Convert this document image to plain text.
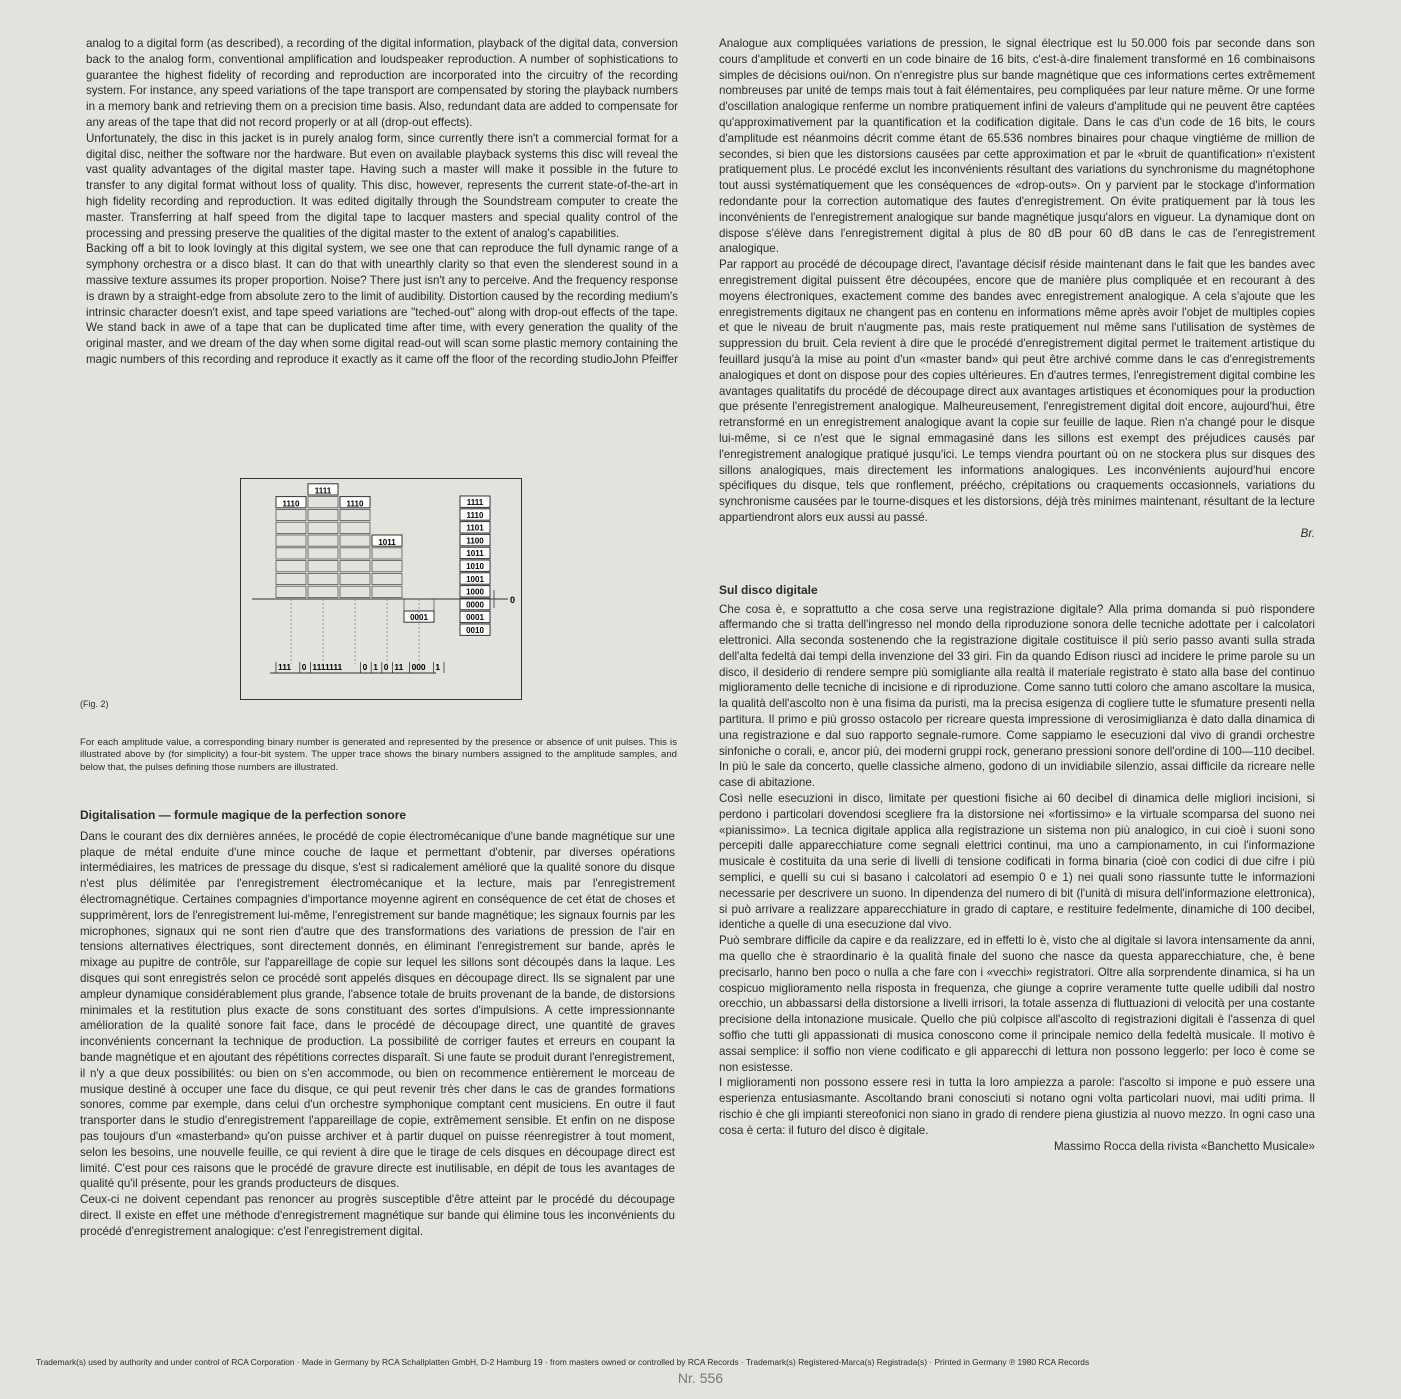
analog to a digital form (as described), a recording of the digital information, playback of the digital data, conversion back to the analog form, conventional amplification and loudspeaker reproduction. A number of sophistications to guarantee the highest fidelity of recording and reproduction are incorporated into the circuitry of the recording system. For instance, any speed variations of the tape transport are compensated by storing the playback numbers in a memory bank and retrieving them on a precision time basis. Also, redundant data are added to compensate for any areas of the tape that did not record properly or at all (drop-out effects).

Unfortunately, the disc in this jacket is in purely analog form, since currently there isn't a commercial format for a digital disc, neither the software nor the hardware. But even on available playback systems this disc will reveal the vast quality advantages of the digital master tape. Having such a master will make it possible in the future to transfer to any digital format without loss of quality. This disc, however, represents the current state-of-the-art in high fidelity recording and reproduction. It was edited digitally through the Soundstream computer to create the master. Transferring at half speed from the digital tape to lacquer masters and special quality control of the processing and pressing preserve the qualities of the digital master to the extent of analog's capabilities.

Backing off a bit to look lovingly at this digital system, we see one that can reproduce the full dynamic range of a symphony orchestra or a disco blast. It can do that with unearthly clarity so that even the slenderest sound in a massive texture assumes its proper proportion. Noise? There just isn't any to perceive. And the frequency response is drawn by a straight-edge from absolute zero to the limit of audibility. Distortion caused by the recording medium's intrinsic character doesn't exist, and tape speed variations are "teched-out" along with drop-out effects of the tape. We stand back in awe of a tape that can be duplicated time after time, with every generation the quality of the original master, and we dream of the day when some digital read-out will scan some plastic memory containing the magic numbers of this recording and reproduce it exactly as it came off the floor of the recording studio.

John Pfeiffer

1110
1111
1110
1011
0001
1111
1110
1101
1100
1011
1010
1001
1000
0000
0001
0010
111 0 1111111 0 1 0 11 000 1
0
(Fig. 2)
For each amplitude value, a corresponding binary number is generated and represented by the presence or absence of unit pulses. This is illustrated above by (for simplicity) a four-bit system. The upper trace shows the binary numbers assigned to the amplitude samples, and below that, the pulses defining those numbers are illustrated.
Digitalisation — formule magique de la perfection sonore

Dans le courant des dix dernières années, le procédé de copie électromécanique d'une bande magnétique sur une plaque de métal enduite d'une mince couche de laque et permettant d'obtenir, par diverses opérations intermédiaires, les matrices de pressage du disque, s'est si radicalement amélioré que la qualité sonore du disque n'est plus délimitée par l'enregistrement électromécanique et la lecture, mais par l'enregistrement électromagnétique. Certaines compagnies d'importance moyenne agirent en conséquence de cet état de choses et supprimèrent, lors de l'enregistrement lui-même, l'enregistrement sur bande magnétique; les signaux fournis par les microphones, signaux qui ne sont rien d'autre que des transformations des variations de pression de l'air en tensions alternatives électriques, sont directement donnés, en éliminant l'enregistrement sur bande, après le mixage au pupitre de contrôle, sur l'appareillage de copie sur lequel les sillons sont découpés dans la laque. Les disques qui sont enregistrés selon ce procédé sont appelés disques en découpage direct. Ils se signalent par une ampleur dynamique considérablement plus grande, l'absence totale de bruits provenant de la bande, de distorsions minimales et la restitution plus exacte de sons constituant des sortes d'impulsions. A cette impressionnante amélioration de la qualité sonore fait face, dans le procédé de découpage direct, une quantité de graves inconvénients concernant la technique de production. La possibilité de corriger fautes et erreurs en coupant la bande magnétique et en ajoutant des répétitions correctes disparaît. Si une faute se produit durant l'enregistrement, il n'y a que deux possibilités: ou bien on s'en accommode, ou bien on recommence entièrement le morceau de musique destiné à occuper une face du disque, ce qui peut revenir très cher dans le cas de grandes formations sonores, comme par exemple, dans celui d'un orchestre symphonique comptant cent musiciens. En outre il faut transporter dans le studio d'enregistrement l'appareillage de copie, extrêmement sensible. Et enfin on ne dispose pas toujours d'un «masterband» qu'on puisse archiver et à partir duquel on puisse réenregistrer à tout moment, selon les besoins, une nouvelle feuille, ce qui revient à dire que le tirage de cels disques en découpage direct est limité. C'est pour ces raisons que le procédé de gravure directe est inutilisable, en dépit de tous les avantages de qualité qu'il présente, pour les grands producteurs de disques.

Ceux-ci ne doivent cependant pas renoncer au progrès susceptible d'être atteint par le procédé du découpage direct. Il existe en effet une méthode d'enregistrement magnétique sur bande qui élimine tous les inconvénients du procédé d'enregistrement analogique: c'est l'enregistrement digital.

Analogue aux compliquées variations de pression, le signal électrique est lu 50.000 fois par seconde dans son cours d'amplitude et converti en un code binaire de 16 bits, c'est-à-dire finalement transformé en 16 combinaisons simples de décisions oui/non. On n'enregistre plus sur bande magnétique que ces informations certes extrêmement nombreuses par unité de temps mais tout à fait élémentaires, peu compliquées par leur nature même. Or une forme d'oscillation analogique renferme un nombre pratiquement infini de valeurs d'amplitude qui ne peuvent être captées qu'approximativement par la quantification et la codification digitale. Dans le cas d'un code de 16 bits, le cours d'amplitude est néanmoins décrit comme étant de 65.536 nombres binaires pour chaque vingtième de million de secondes, si bien que les distorsions causées par cette approximation et par le «bruit de quantification» n'existent pratiquement plus. Le procédé exclut les inconvénients résultant des variations du synchronisme du magnétophone tout aussi systématiquement que les conséquences de «drop-outs». On y parvient par le stockage d'information redondante pour la correction automatique des fautes d'enregistrement. On évite pratiquement par là tous les inconvénients de l'enregistrement analogique sur bande magnétique jusqu'alors en vigueur. La dynamique dont on dispose s'élève dans l'enregistrement digital à plus de 80 dB pour 60 dB dans le cas de l'enregistrement analogique.

Par rapport au procédé de découpage direct, l'avantage décisif réside maintenant dans le fait que les bandes avec enregistrement digital puissent être découpées, encore que de manière plus compliquée et en recourant à des moyens électroniques, exactement comme des bandes avec enregistrement analogique. A cela s'ajoute que les enregistrements digitaux ne changent pas en contenu en informations même après avoir l'objet de multiples copies et que le niveau de bruit n'augmente pas, mais reste pratiquement nul même sans l'utilisation de systèmes de suppression du bruit. Cela revient à dire que le procédé d'enregistrement digital permet le traitement artistique du feuillard jusqu'à la mise au point d'un «master band» qui peut être archivé comme dans le cas d'enregistrements analogiques et dont on dispose pour des copies ultérieures. En d'autres termes, l'enregistrement digital combine les avantages qualitatifs du procédé de découpage direct aux avantages artistiques et économiques pour la production que présente l'enregistrement analogique. Malheureusement, l'enregistrement digital doit encore, aujourd'hui, être retransformé en un enregistrement analogique avant la copie sur feuille de laque. Rien n'a changé pour le disque lui-même, si ce n'est que le signal emmagasiné dans les sillons est exempt des préjudices causés par l'enregistrement analogique pratiqué jusqu'ici. Le temps viendra pourtant où on ne stockera plus sur disques des sillons analogiques, mais directement les informations analogiques. Les inconvénients aujourd'hui encore spécifiques du disque, tels que ronflement, préécho, crépitations ou craquements occasionnels, variations du synchronisme causées par le tourne-disques et les distorsions, déjà très minimes maintenant, résultant de la lecture appartiendront alors eux aussi au passé.

Br.

Sul disco digitale

Che cosa è, e soprattutto a che cosa serve una registrazione digitale? Alla prima domanda si può rispondere affermando che si tratta dell'ingresso nel mondo della riproduzione sonora delle tecniche adottate per i calcolatori elettronici. Alla seconda sostenendo che la registrazione digitale costituisce il più serio passo avanti sulla strada dell'alta fedeltà dai tempi della invenzione del 33 giri. Fin da quando Edison riuscì ad incidere le prime parole su un disco, il desiderio di rendere sempre più somigliante alla realtà il materiale registrato è stato alla base del continuo miglioramento delle tecniche di incisione e di riproduzione. Come sanno tutti coloro che amano ascoltare la musica, la qualità dell'ascolto non è una fisima da puristi, ma la precisa esigenza di cogliere tutte le sfumature presenti nella partitura. Il primo e più grosso ostacolo per ricreare questa impressione di verosimiglianza è dato dalla dinamica di una registrazione e dal suo rapporto segnale-rumore. Come sappiamo le esecuzioni dal vivo di grandi orchestre sinfoniche o corali, e, ancor più, dei moderni gruppi rock, generano pressioni sonore dell'ordine di 100—110 decibel. In più le sale da concerto, quelle classiche almeno, godono di un invidiabile silenzio, assai difficile da ricreare nelle case di abitazione.

Così nelle esecuzioni in disco, limitate per questioni fisiche ai 60 decibel di dinamica delle migliori incisioni, si perdono i particolari dovendosi scegliere fra la distorsione nei «fortissimo» e la virtuale scomparsa del suono nei «pianissimo». La tecnica digitale applica alla registrazione un sistema non più analogico, in cui cioè i suoni sono percepiti dalle apparecchiature come segnali elettrici continui, ma uno a campionamento, in cui l'informazione musicale è costituita da una serie di livelli di tensione codificati in forma binaria (cioè con codici di due cifre i più semplici, e quelli su cui si basano i calcolatori ad esempio 0 e 1) nei quali sono riassunte tutte le informazioni necessarie per descrivere un suono. In dipendenza del numero di bit (l'unità di misura dell'informazione elettronica), si può arrivare a realizzare apparecchiature in grado di captare, e restituire fedelmente, dinamiche di 100 decibel, identiche a quelle di una esecuzione dal vivo.

Può sembrare difficile da capire e da realizzare, ed in effetti lo è, visto che al digitale si lavora intensamente da anni, ma quello che è straordinario è la qualità finale del suono che nasce da questa apparecchiature, che, è bene precisarlo, hanno ben poco o nulla a che fare con i «vecchi» registratori. Oltre alla sorprendente dinamica, si ha un cospicuo miglioramento nella risposta in frequenza, che giunge a coprire veramente tutte quelle udibili dal nostro orecchio, un abbassarsi della distorsione a livelli irrisori, la totale assenza di fluttuazioni di velocità per una costante precisione della intonazione musicale. Quello che più colpisce all'ascolto di registrazioni digitali è l'assenza di quel soffio che tutti gli appassionati di musica conoscono come il principale nemico della fedeltà musicale. Il motivo è assai semplice: il soffio non viene codificato e gli apparecchi di lettura non possono leggerlo: per loco è come se non esistesse.

I miglioramenti non possono essere resi in tutta la loro ampiezza a parole: l'ascolto si impone e può essere una esperienza entusiasmante. Ascoltando brani conosciuti si notano ogni volta particolari nuovi, mai uditi prima. Il rischio è che gli impianti stereofonici non siano in grado di rendere piena giustizia al nuovo mezzo. In ogni caso una cosa è certa: il futuro del disco è digitale.

Massimo Rocca della rivista «Banchetto Musicale»

Trademark(s) used by authority and under control of RCA Corporation · Made in Germany by RCA Schallplatten GmbH, D-2 Hamburg 19 · from masters owned or controlled by RCA Records · Trademark(s) Registered-Marca(s) Registrada(s) · Printed in Germany ℗ 1980 RCA Records
Nr. 556
